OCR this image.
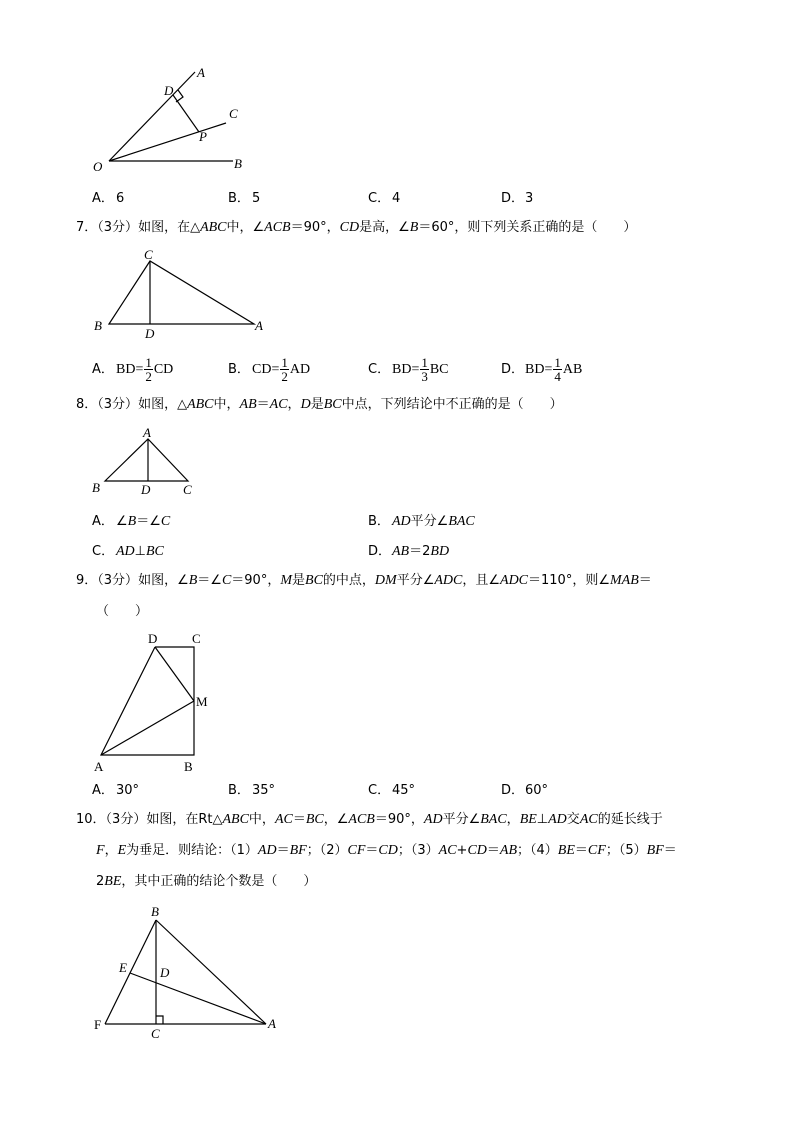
A
D
C
P
O	B
A． 6	B． 5	C． 4	D．3
7．（3分）如图，在△ABC中，∠ACB＝90°，CD是高，∠B＝60°，则下列关系正确的是（　　）
C
B
D
A
A． $BD= \frac{1}{2}$ CD	B． $CD= \frac{1}{2}$ AD	C． $BD= \frac{1}{3}$ BC	D．$BD= \frac{1}{4}$ AB
8．（3分）如图，△ABC中，AB＝AC，D是BC中点，下列结论中不正确的是（　　）
A
B	D	C
A． ∠B＝∠C	B． AD平分∠BAC
C． AD⊥BC	D．AB＝2BD
9．（3分）如图，∠B＝∠C＝90°，M是BC的中点，DM平分∠ADC，且∠ADC＝110°，则∠MAB＝
（　　）
D	C
M
A	B
A． 30°	B． 35°	C． 45°	D．60°
10．（3分）如图，在Rt△ABC中，AC＝BC，∠ACB＝90°，AD平分∠BAC，BE⊥AD交AC的延长线于
F，E为垂足．则结论：（1）AD＝BF；（2）CF＝CD；（3）AC+CD＝AB；（4）BE＝CF；（5）BF＝
2BE，其中正确的结论个数是（　　）
B
E	D
F
C
A
